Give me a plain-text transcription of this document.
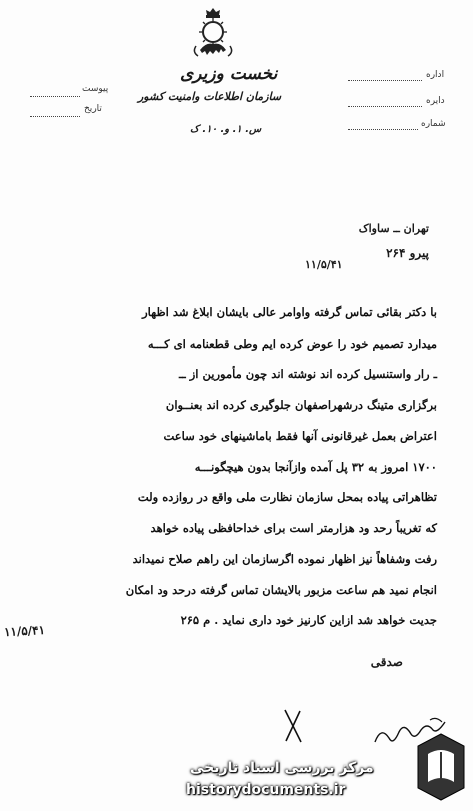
نخست وزیری
سازمان اطلاعات وامنیت کشور
س. ۱. و. ۱۰. ک
اداره
دایره
شماره
پیوست
تاریخ
تهران ــ ساواک
پیرو ۲۶۴
۱۱/۵/۴۱
با دکتر بقائی تماس گرفته واوامر عالی بایشان ابلاغ شد اظهار
میدارد تصمیم خود را عوض کرده ایم وطی قطعنامه ای کـــه
ـ رار واستنسیل کرده اند نوشته اند چون مأمورین از ــ
برگزاری متینگ درشهراصفهان جلوگیری کرده اند بعنــوان
اعتراض بعمل غیرقانونی آنها فقط باماشینهای خود ساعت
۱۷۰۰ امروز به ۳۲ پل آمده وازآنجا بدون هیچگونـــه
تظاهراتی پیاده بمحل سازمان نظارت ملی واقع در روازده ولت
که تغریباً رحد ود هزارمتر است برای خداحافظی پیاده خواهد
رفت وشفاهاً نیز اظهار نموده اگرسازمان این راهم صلاح نمیداند
انجام نمید هم ساعت مزبور بالایشان تماس گرفته درحد ود امکان
جدیت خواهد شد ازاین کارنیز خود داری نماید . م ۲۶۵
۱۱/۵/۴۱
صدقی
مرکز بررسی اسناد تاریخی
historydocuments.ir
